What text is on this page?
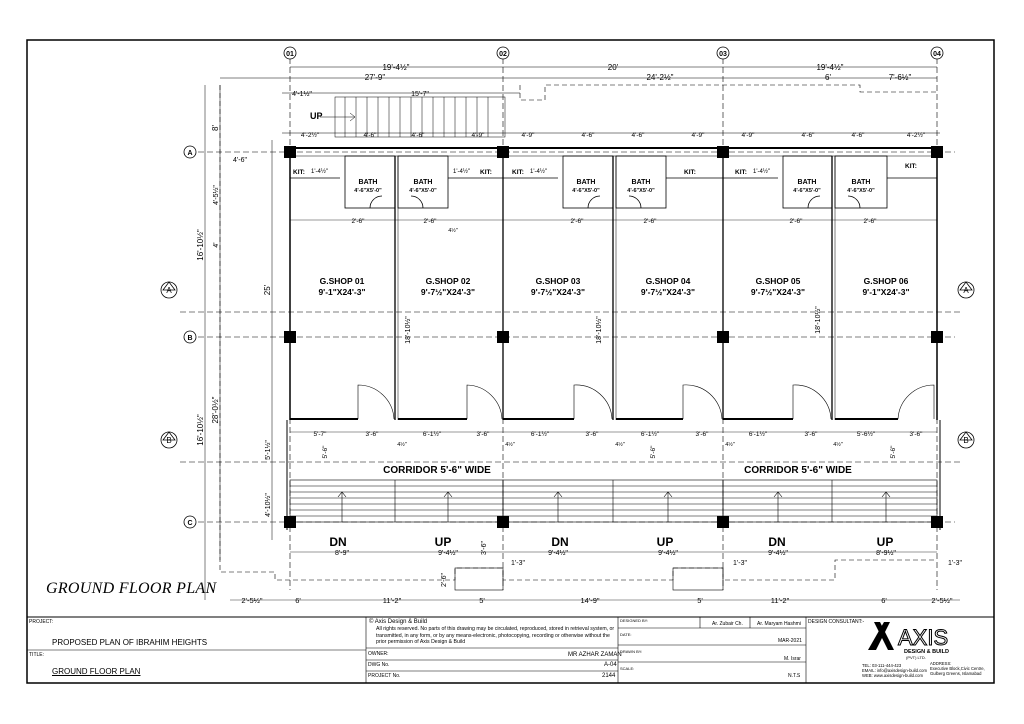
01	02	03	04
A
B
C
A	A
B	B
19'-4½"	20'	19'-4½"
27'-9"	24'-2½"	6'	7'-6½"
4'-1½"	15'-7"
UP
4'-2½"	4'-6"	4'-6"	4'-9"	4'-9"	4'-6"	4'-6"	4'-9"	4'-9"	4'-6"	4'-6"	4'-2½"
8'
4'-6"
4'-5½"
4'
16'-10½"
25'
16'-10½"
28'-0½"
5'-1½"
4'-10½"
KIT:	KIT:	KIT:	KIT:	KIT:
KIT:
1'-4½"	1'-4½"	1'-4½"	1'-4½"
BATH
4'-6"X5'-0"
BATH
4'-6"X5'-0"
BATH
4'-6"X5'-0"
BATH
4'-6"X5'-0"
BATH
4'-6"X5'-0"
BATH
4'-6"X5'-0"
2'-6"	2'-6"	2'-6"	2'-6"	2'-6"	2'-6"
G.SHOP 01
9'-1"X24'-3"
G.SHOP 02
9'-7½"X24'-3"
G.SHOP 03
9'-7½"X24'-3"
G.SHOP 04
9'-7½"X24'-3"
G.SHOP 05
9'-7½"X24'-3"
G.SHOP 06
9'-1"X24'-3"
18'-10½"	18'-10½"	18'-10½"
5'-7"	3'-6"	6'-1½"	3'-6"	6'-1½"	3'-6"	6'-1½"	3'-6"	6'-1½"	3'-6"	5'-6½"	3'-6"
4½"	4½"	4½"	4½"	4½"
4½"
CORRIDOR 5'-6" WIDE	CORRIDOR 5'-6" WIDE
5'-6"	5'-6"	5'-6"
DN	UP	DN	UP	DN	UP
8'-9"	9'-4½"	9'-4½"	9'-4½"	9'-4½"	8'-9½"
3'-6"
1'-3"	1'-3"
2'-6"
1'-3"
2'-5½"	6'	11'-2"	5'	14'-9"	5'	11'-2"	6'	2'-5½"
AXIS
DESIGN & BUILD
(PVT) LTD.
GROUND FLOOR PLAN
PROJECT:
PROPOSED PLAN OF IBRAHIM HEIGHTS
TITLE:
GROUND FLOOR PLAN
© Axis Design & Build
All rights reserved. No parts of this drawing may be circulated, reproduced, stored in retrieval system, or transmitted, in any form, or by any means-electronic, photocopying, recording or otherwise without the prior permission of Axis Design & Build
OWNER:	MR AZHAR ZAMAN
DWG No.	A-04
PROJECT No.	2144
DESIGNED BY:
Ar. Zubair Ch.	Ar. Maryam Hashmi
DATE:
MAR-2021
DRAWN BY:
M. Israr
SCALE:
N.T.S
DESIGN CONSULTANT:-
TEL: 03-111-444-423
EMAIL: info@axisdesign-build.com
WEB: www.axisdesign-build.com
ADDRESS:
Executive Block,Civic Centre,
Gulberg Greens, Islamabad
